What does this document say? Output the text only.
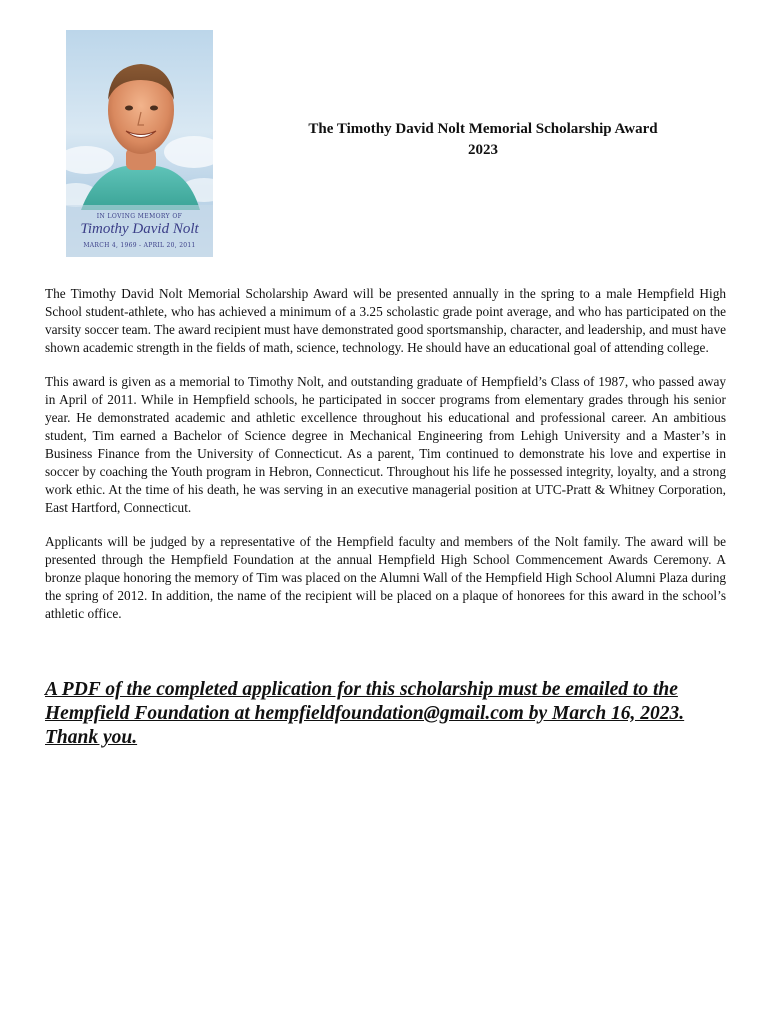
IN LOVING MEMORY OF
Timothy David Nolt
MARCH 4, 1969 - APRIL 20, 2011
The Timothy David Nolt Memorial Scholarship Award
2023

The Timothy David Nolt Memorial Scholarship Award will be presented annually in the spring to a male Hempfield High School student-athlete, who has achieved a minimum of a 3.25 scholastic grade point average, and who has participated on the varsity soccer team. The award recipient must have demonstrated good sportsmanship, character, and leadership, and must have shown academic strength in the fields of math, science, technology. He should have an educational goal of attending college.

This award is given as a memorial to Timothy Nolt, and outstanding graduate of Hempfield’s Class of 1987, who passed away in April of 2011. While in Hempfield schools, he participated in soccer programs from elementary grades through his senior year. He demonstrated academic and athletic excellence throughout his educational and professional career. An ambitious student, Tim earned a Bachelor of Science degree in Mechanical Engineering from Lehigh University and a Master’s in Business Finance from the University of Connecticut. As a parent, Tim continued to demonstrate his love and expertise in soccer by coaching the Youth program in Hebron, Connecticut. Throughout his life he possessed integrity, loyalty, and a strong work ethic. At the time of his death, he was serving in an executive managerial position at UTC-Pratt & Whitney Corporation, East Hartford, Connecticut.

Applicants will be judged by a representative of the Hempfield faculty and members of the Nolt family. The award will be presented through the Hempfield Foundation at the annual Hempfield High School Commencement Awards Ceremony. A bronze plaque honoring the memory of Tim was placed on the Alumni Wall of the Hempfield High School Alumni Plaza during the spring of 2012. In addition, the name of the recipient will be placed on a plaque of honorees for this award in the school’s athletic office.

A PDF of the completed application for this scholarship must be emailed to the Hempfield Foundation at hempfieldfoundation@gmail.com by March 16, 2023. Thank you.
